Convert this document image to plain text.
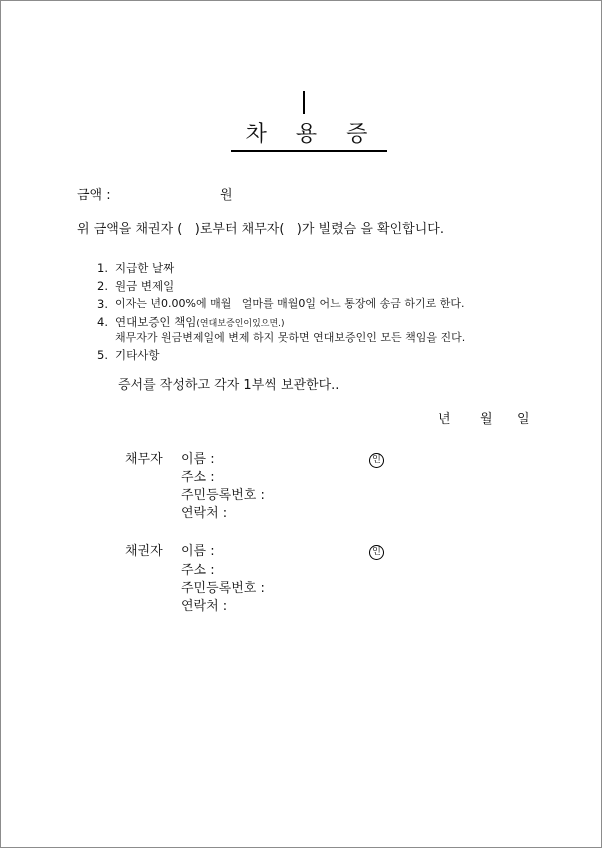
차 용 증
금액 :	원
위 금액을 채권자 (   )로부터 채무자(   )가 빌렸슴 을 확인합니다.
1. 지급한 날짜
2. 원금 변제일
3. 이자는 년0.00%에 매월   얼마를 매월0일 어느 통장에 송금 하기로 한다.
4. 연대보증인 책임(연대보증인이있으면.)
채무자가 원금변제일에 변제 하지 못하면 연대보증인인 모든 책임을 진다.
5. 기타사항
증서를 작성하고 각자 1부씩 보관한다..
년 월 일
채무자 이름 :	인
주소 :
주민등록번호 :
연락처 :
채권자 이름 :	인
주소 :
주민등록번호 :
연락처 :
